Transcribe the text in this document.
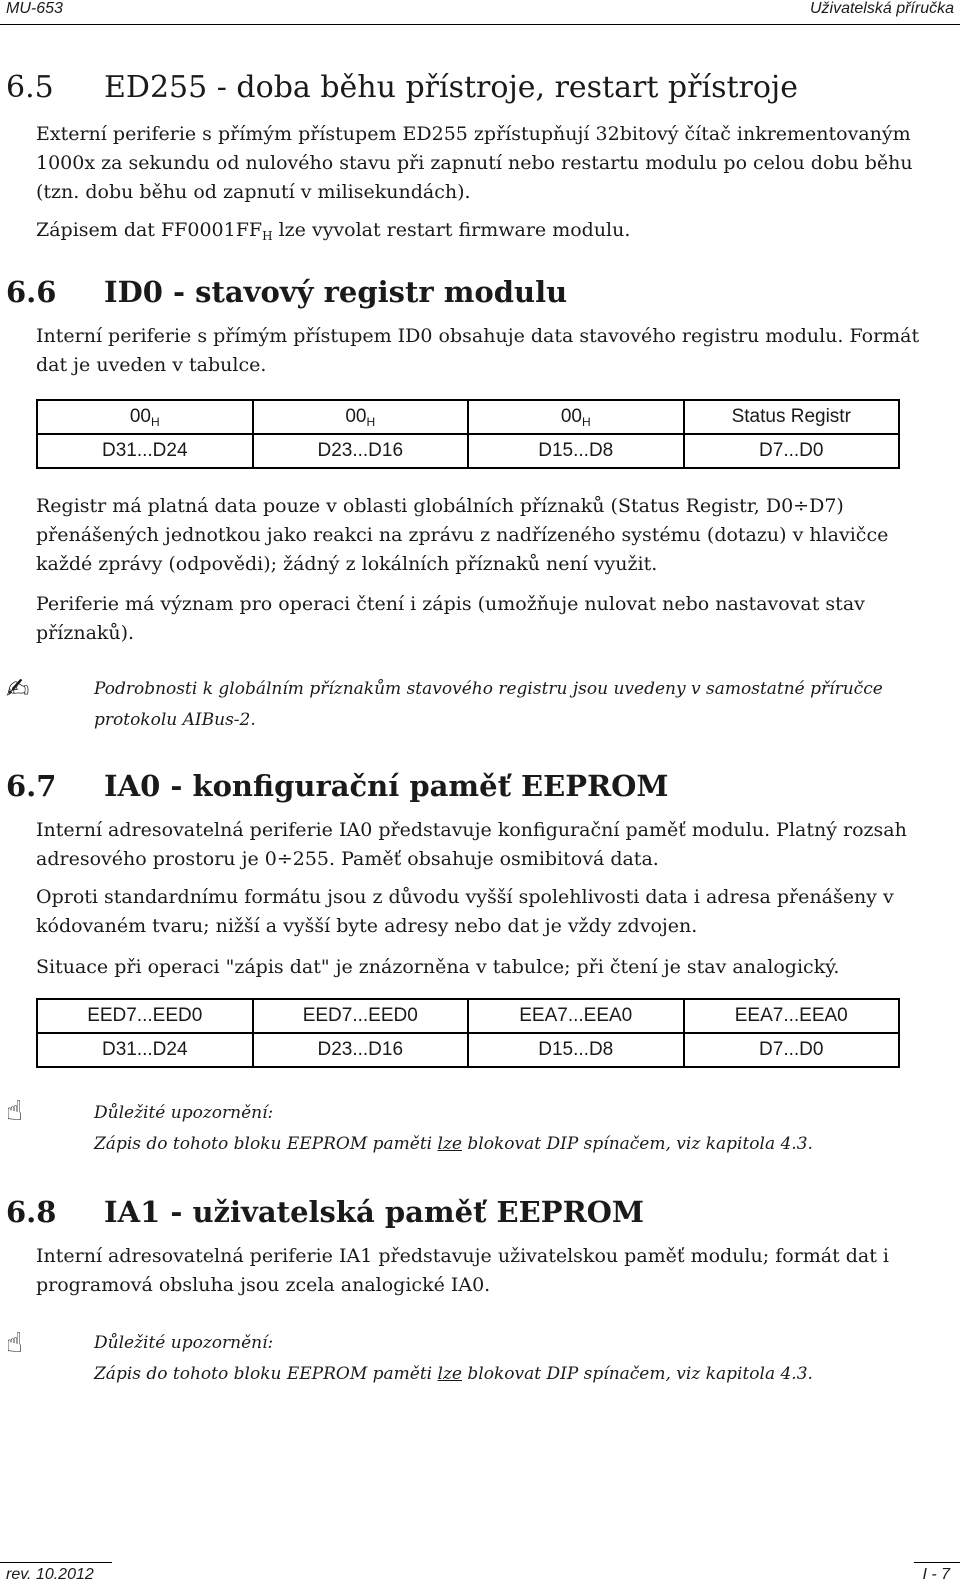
MU-653	Uživatelská příručka
6.5 ED255 - doba běhu přístroje, restart přístroje

Externí periferie s přímým přístupem ED255 zpřístupňují 32bitový čítač inkrementovaným 1000x za sekundu od nulového stavu při zapnutí nebo restartu modulu po celou dobu běhu (tzn. dobu běhu od zapnutí v milisekundách).

Zápisem dat $FF0001FF_H$ lze vyvolat restart firmware modulu.

6.6 ID0 - stavový registr modulu

Interní periferie s přímým přístupem ID0 obsahuje data stavového registru modulu. Formát dat je uveden v tabulce.

$00_H$	$00_H$	$00_H$	Status Registr
D31...D24	D23...D16	D15...D8	D7...D0

Registr má platná data pouze v oblasti globálních příznaků (Status Registr, D0÷D7) přenášených jednotkou jako reakci na zprávu z nadřízeného systému (dotazu) v hlavičce každé zprávy (odpovědi); žádný z lokálních příznaků není využit.

Periferie má význam pro operaci čtení i zápis (umožňuje nulovat nebo nastavovat stav příznaků).

✍	Podrobnosti k globálním příznakům stavového registru jsou uvedeny v samostatné příručce protokolu AIBus-2.
6.7 IA0 - konfigurační paměť EEPROM

Interní adresovatelná periferie IA0 představuje konfigurační paměť modulu. Platný rozsah adresového prostoru je 0÷255. Paměť obsahuje osmibitová data.

Oproti standardnímu formátu jsou z důvodu vyšší spolehlivosti data i adresa přenášeny v kódovaném tvaru; nižší a vyšší byte adresy nebo dat je vždy zdvojen.

Situace při operaci "zápis dat" je znázorněna v tabulce; při čtení je stav analogický.

EED7...EED0	EED7...EED0	EEA7...EEA0	EEA7...EEA0
D31...D24	D23...D16	D15...D8	D7...D0
☝	Důležité upozornění:
Zápis do tohoto bloku EEPROM paměti lze blokovat DIP spínačem, viz kapitola 4.3.
6.8 IA1 - uživatelská paměť EEPROM

Interní adresovatelná periferie IA1 představuje uživatelskou paměť modulu; formát dat i programová obsluha jsou zcela analogické IA0.

☝	Důležité upozornění:
Zápis do tohoto bloku EEPROM paměti lze blokovat DIP spínačem, viz kapitola 4.3.
rev. 10.2012	I - 7
